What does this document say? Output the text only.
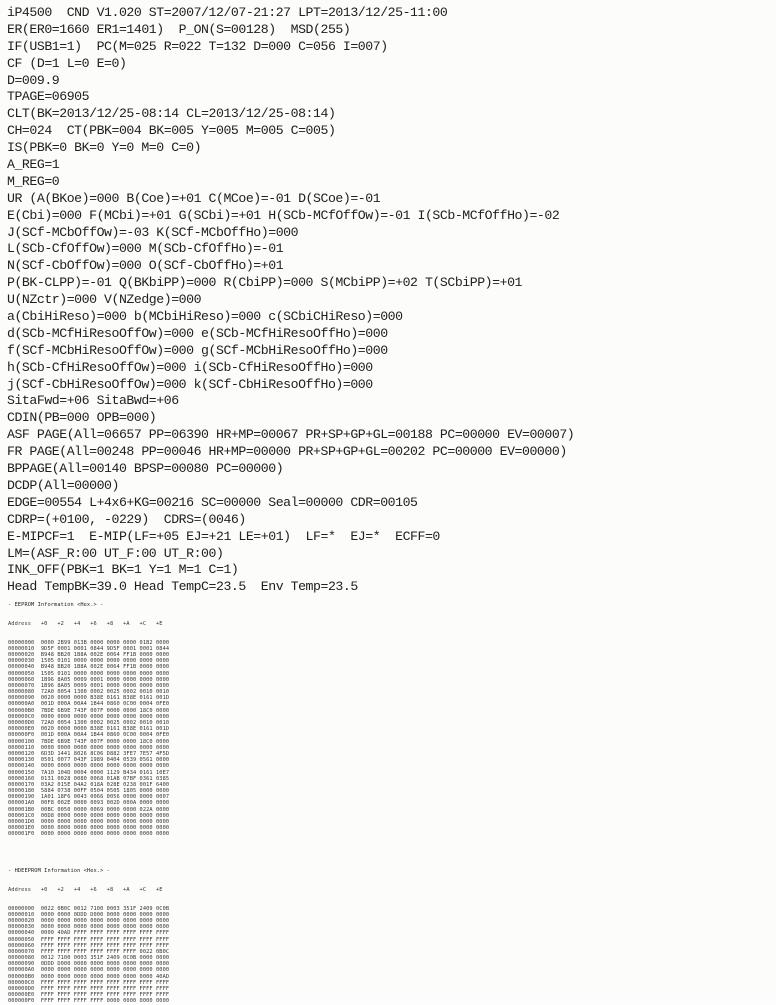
iP4500  CND V1.020 ST=2007/12/07-21:27 LPT=2013/12/25-11:00
ER(ER0=1660 ER1=1401)  P_ON(S=00128)  MSD(255)
IF(USB1=1)  PC(M=025 R=022 T=132 D=000 C=056 I=007)
CF (D=1 L=0 E=0)
D=009.9
TPAGE=06905
CLT(BK=2013/12/25-08:14 CL=2013/12/25-08:14)
CH=024  CT(PBK=004 BK=005 Y=005 M=005 C=005)
IS(PBK=0 BK=0 Y=0 M=0 C=0)
A_REG=1
M_REG=0
UR (A(BKoe)=000 B(Coe)=+01 C(MCoe)=-01 D(SCoe)=-01
E(Cbi)=000 F(MCbi)=+01 G(SCbi)=+01 H(SCb-MCfOffOw)=-01 I(SCb-MCfOffHo)=-02
J(SCf-MCbOffOw)=-03 K(SCf-MCbOffHo)=000
L(SCb-CfOffOw)=000 M(SCb-CfOffHo)=-01
N(SCf-CbOffOw)=000 O(SCf-CbOffHo)=+01
P(BK-CLPP)=-01 Q(BKbiPP)=000 R(CbiPP)=000 S(MCbiPP)=+02 T(SCbiPP)=+01
U(NZctr)=000 V(NZedge)=000
a(CbiHiReso)=000 b(MCbiHiReso)=000 c(SCbiCHiReso)=000
d(SCb-MCfHiResoOffOw)=000 e(SCb-MCfHiResoOffHo)=000
f(SCf-MCbHiResoOffOw)=000 g(SCf-MCbHiResoOffHo)=000
h(SCb-CfHiResoOffOw)=000 i(SCb-CfHiResoOffHo)=000
j(SCf-CbHiResoOffOw)=000 k(SCf-CbHiResoOffHo)=000
SitaFwd=+06 SitaBwd=+06
CDIN(PB=000 OPB=000)
ASF PAGE(All=06657 PP=06390 HR+MP=00067 PR+SP+GP+GL=00188 PC=00000 EV=00007)
FR PAGE(All=00248 PP=00046 HR+MP=00000 PR+SP+GP+GL=00202 PC=00000 EV=00000)
BPPAGE(All=00140 BPSP=00080 PC=00000)
DCDP(All=00000)
EDGE=00554 L+4x6+KG=00216 SC=00000 Seal=00000 CDR=00105
CDRP=(+0100, -0229)  CDRS=(0046)
E-MIPCF=1  E-MIP(LF=+05 EJ=+21 LE=+01)  LF=*  EJ=*  ECFF=0
LM=(ASF_R:00 UT_F:00 UT_R:00)
INK_OFF(PBK=1 BK=1 Y=1 M=1 C=1)
Head TempBK=39.0 Head TempC=23.5  Env Temp=23.5

- EEPROM Information <Hex.> -

Address   +0   +2   +4   +6   +8   +A   +C   +E

00000000  0000 2B99 013B 0000 0000 0000 01B2 0000
00000010  9D5F 0001 0001 0844 9D5F 0001 0001 0844
00000020  B948 BB20 1B8A 002E 0064 FF1B 0000 0000
00000030  1505 0101 0000 0000 0000 0000 0000 0000
00000040  B948 BB20 1B8A 002E 0064 FF1B 0000 0000
00000050  1505 0101 0000 0000 0000 0000 0000 0000
00000060  1B96 8A05 0009 0001 0000 0000 0000 0000
00000070  1B96 8A05 0009 0001 0000 0000 0000 0000
00000080  72A0 0054 1300 0002 0025 0002 0010 0010
00000090  0020 0000 0000 B38E 0161 B38E 0161 001D
000000A0  001D 000A 00A4 1B44 0860 0C00 0004 0FE0
000000B0  7BDE 6B9E 743F 007F 0000 0000 18C0 0000
000000C0  0000 0000 0000 0000 0000 0000 0000 0000
000000D0  72A0 0054 1300 0002 0025 0002 0010 0010
000000E0  0020 0000 0000 B38E 0161 B38E 0161 001D
000000F0  001D 000A 00A4 1B44 0860 0C00 0004 0FE0
00000100  7BDE 6B9E 743F 007F 0000 0000 18C0 0000
00000110  0000 0000 0000 0000 0000 0000 0000 0000
00000120  6D3D 1441 8026 8C06 D882 3FE7 7E57 4F5D
00000130  0501 0077 043F 1989 0404 0539 0561 0000
00000140  0000 0000 0000 0000 0000 0000 0000 0000
00000150  7A10 104D 0004 0000 1129 B434 0161 10E7
00000160  0131 0028 0080 0068 01AB 07BF 0361 0385
00000170  03A2 015E 04A2 018A 028E 0238 001F 6400
00000180  5884 0738 00FF 0504 0505 1805 0000 0000
00000190  1A01 18F6 0043 0066 0056 0000 0000 0007
000001A0  00F8 002E 0000 0093 002D 000A 0000 0000
000001B0  00BC 0050 0000 0069 0000 0000 022A 0000
000001C0  00D8 0000 0000 0000 0000 0000 0000 0000
000001D0  0000 0000 0000 0000 0000 0000 0000 0000
000001E0  0000 0000 0000 0000 0000 0000 0000 0000
000001F0  0000 0000 0000 0000 0000 0000 0000 0000

- HDEEPROM Information <Hex.> -

Address   +0   +2   +4   +6   +8   +A   +C   +E

00000000  0022 0B0C 0012 7100 0003 351F 2409 0C0B
00000010  0000 0000 0DDD D000 0000 0000 0000 0000
00000020  0000 0000 0000 0000 0000 0000 0000 0000
00000030  0000 0000 0000 0000 0000 0000 0000 0000
00000040  0000 40AD FFFF FFFF FFFF FFFF FFFF FFFF
00000050  FFFF FFFF FFFF FFFF FFFF FFFF FFFF FFFF
00000060  FFFF FFFF FFFF FFFF FFFF FFFF FFFF FFFF
00000070  FFFF FFFF FFFF FFFF FFFF FFFF 0022 0B0C
00000080  0012 7100 0003 351F 2409 0C0B 0000 0000
00000090  0DDD D000 0000 0000 0000 0000 0000 0000
000000A0  0000 0000 0000 0000 0000 0000 0000 0000
000000B0  0000 0000 0000 0000 0000 0000 0000 40AD
000000C0  FFFF FFFF FFFF FFFF FFFF FFFF FFFF FFFF
000000D0  FFFF FFFF FFFF FFFF FFFF FFFF FFFF FFFF
000000E0  FFFF FFFF FFFF FFFF FFFF FFFF FFFF FFFF
000000F0  FFFF FFFF FFFF FFFF 0000 0000 0000 0000
